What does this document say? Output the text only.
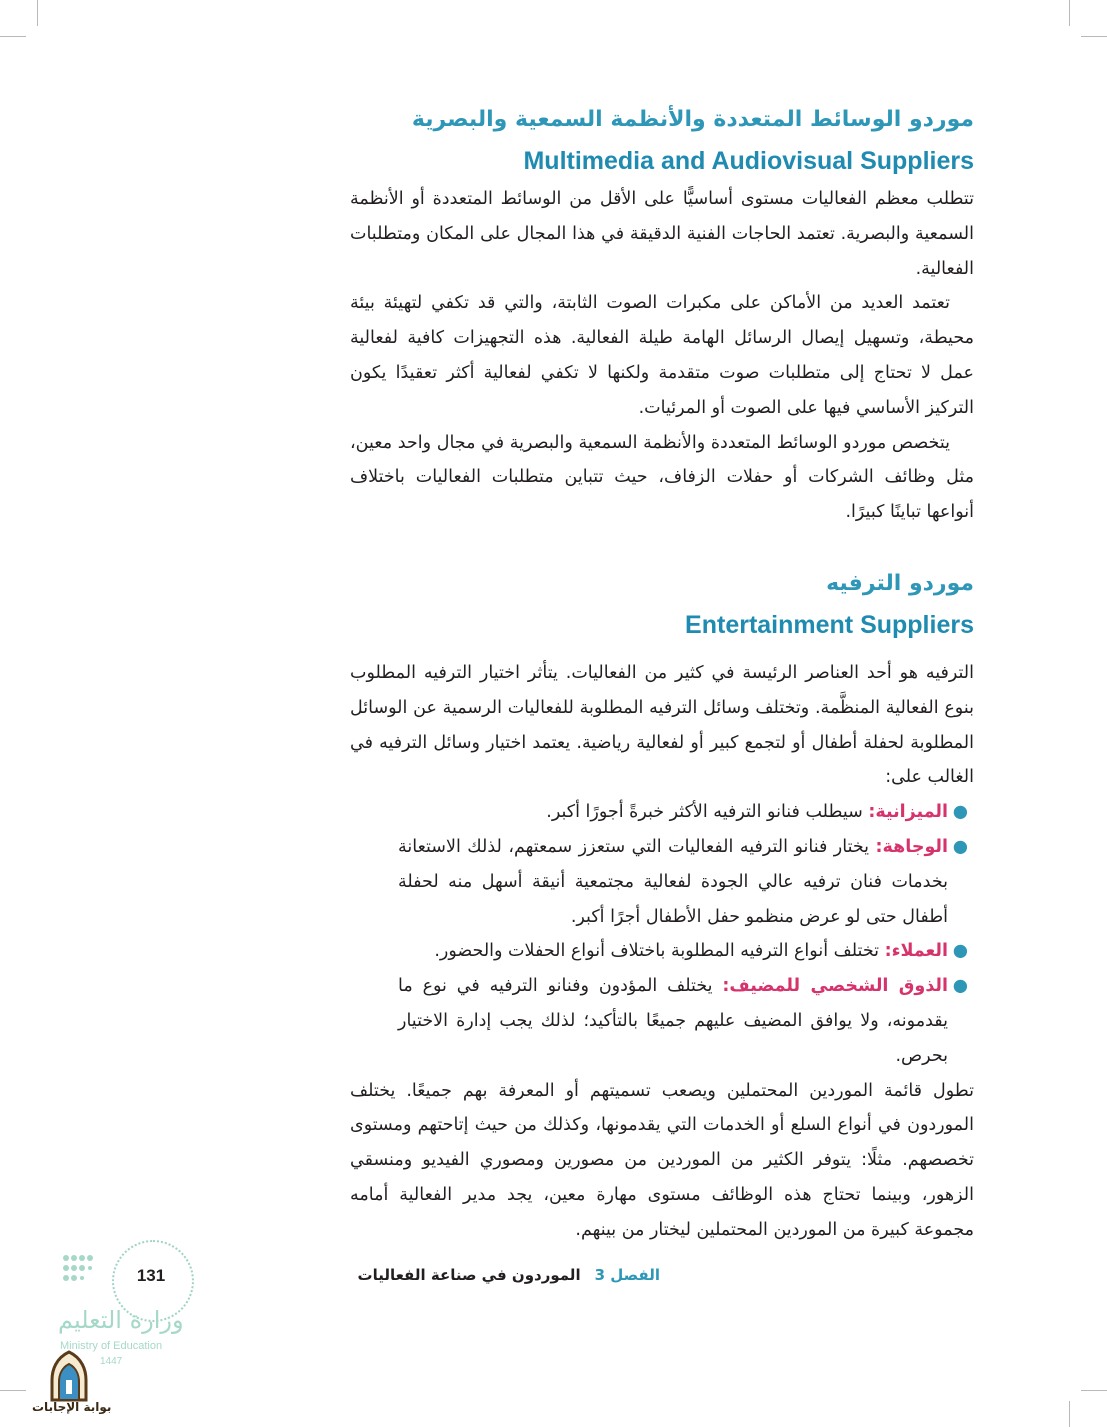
موردو الوسائط المتعددة والأنظمة السمعية والبصرية
Multimedia and Audiovisual Suppliers

تتطلب معظم الفعاليات مستوى أساسيًّا على الأقل من الوسائط المتعددة أو الأنظمة السمعية والبصرية. تعتمد الحاجات الفنية الدقيقة في هذا المجال على المكان ومتطلبات الفعالية.

تعتمد العديد من الأماكن على مكبرات الصوت الثابتة، والتي قد تكفي لتهيئة بيئة محيطة، وتسهيل إيصال الرسائل الهامة طيلة الفعالية. هذه التجهيزات كافية لفعالية عمل لا تحتاج إلى متطلبات صوت متقدمة ولكنها لا تكفي لفعالية أكثر تعقيدًا يكون التركيز الأساسي فيها على الصوت أو المرئيات.

يتخصص موردو الوسائط المتعددة والأنظمة السمعية والبصرية في مجال واحد معين، مثل وظائف الشركات أو حفلات الزفاف، حيث تتباين متطلبات الفعاليات باختلاف أنواعها تباينًا كبيرًا.

موردو الترفيه
Entertainment Suppliers

الترفيه هو أحد العناصر الرئيسة في كثير من الفعاليات. يتأثر اختيار الترفيه المطلوب بنوع الفعالية المنظَّمة. وتختلف وسائل الترفيه المطلوبة للفعاليات الرسمية عن الوسائل المطلوبة لحفلة أطفال أو لتجمع كبير أو لفعالية رياضية. يعتمد اختيار وسائل الترفيه في الغالب على:

●
الميزانية: سيطلب فنانو الترفيه الأكثر خبرةً أجورًا أكبر.
●
الوجاهة: يختار فنانو الترفيه الفعاليات التي ستعزز سمعتهم، لذلك الاستعانة بخدمات فنان ترفيه عالي الجودة لفعالية مجتمعية أنيقة أسهل منه لحفلة أطفال حتى لو عرض منظمو حفل الأطفال أجرًا أكبر.
●
العملاء: تختلف أنواع الترفيه المطلوبة باختلاف أنواع الحفلات والحضور.
●
الذوق الشخصي للمضيف: يختلف المؤدون وفنانو الترفيه في نوع ما يقدمونه، ولا يوافق المضيف عليهم جميعًا بالتأكيد؛ لذلك يجب إدارة الاختيار بحرص.

تطول قائمة الموردين المحتملين ويصعب تسميتهم أو المعرفة بهم جميعًا. يختلف الموردون في أنواع السلع أو الخدمات التي يقدمونها، وكذلك من حيث إتاحتهم ومستوى تخصصهم. مثلًا: يتوفر الكثير من الموردين من مصورين ومصوري الفيديو ومنسقي الزهور، وبينما تحتاج هذه الوظائف مستوى مهارة معين، يجد مدير الفعالية أمامه مجموعة كبيرة من الموردين المحتملين ليختار من بينهم.

الفصل 3الموردون في صناعة الفعاليات
131
وزارة التعليم
Ministry of Education
1447
بوابة الإجابات
